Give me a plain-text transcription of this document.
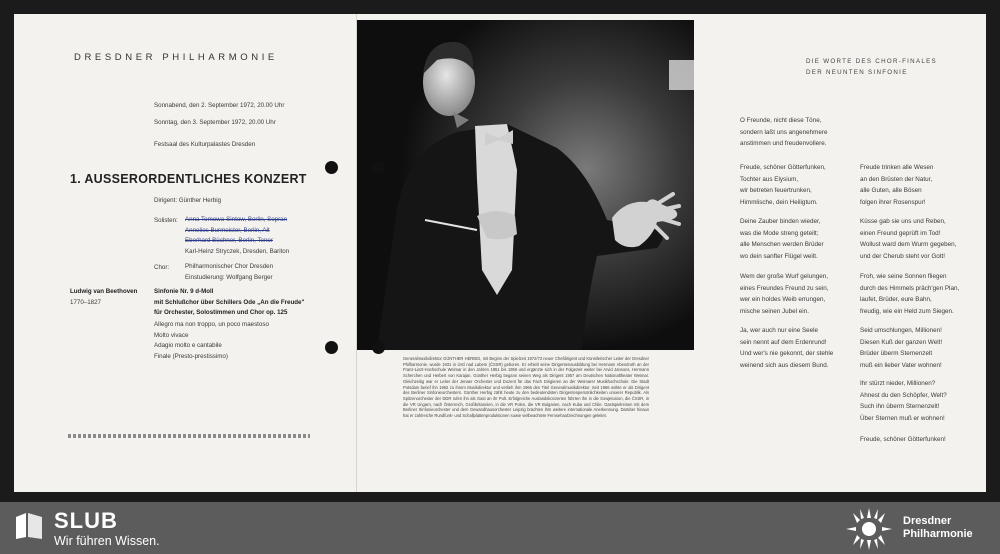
DRESDNER PHILHARMONIE
Sonnabend, den 2. September 1972, 20.00 Uhr
Sonntag, den 3. September 1972, 20.00 Uhr
Festsaal des Kulturpalastes Dresden
1. AUSSERORDENTLICHES KONZERT
Dirigent: Günther Herbig
Solisten: Anna Tomowa-Sintow, Berlin, Sopran
Annelies Burmeister, Berlin, Alt
Eberhard Büchner, Berlin, Tenor
Karl-Heinz Stryczek, Dresden, Bariton
Chor:	Philharmonischer Chor Dresden
Einstudierung: Wolfgang Berger
Ludwig van Beethoven
1770–1827
Sinfonie Nr. 9 d-Moll
mit Schlußchor über Schillers Ode „An die Freude"
für Orchester, Solostimmen und Chor op. 125
Allegro ma non troppo, un poco maestoso
Molto vivace
Adagio molto e cantabile
Finale (Presto-prestissimo)	Generalmusikdirektor GÜNTHER HERBIG, mit Beginn der Spielzeit 1972/73 neuer Chefdirigent und Künstlerischer Leiter der Dresdner Philharmonie, wurde 1931 in Ústí nad Labem (ČSSR) geboren. Er erhielt seine Dirigentenausbildung bei Hermann Abendroth an der Franz-Liszt-Hochschule Weimar in den Jahren 1951 bis 1956 und ergänzte sich in der Folgezeit weiter bei Arvid Jansons, Hermann Scherchen und Herbert von Karajan. Günther Herbig begann seinen Weg als Dirigent 1957 am Deutschen Nationaltheater Weimar. Gleichzeitig war er Leiter der Jenaer Orchester und Dozent für das Fach Dirigieren an der Weimarer Musikhochschule. Die Stadt Potsdam berief ihn 1962 zu ihrem Musikdirektor und verlieh ihm 1966 den Titel Generalmusikdirektor. Seit 1966 wirkte er als Dirigent des Berliner Sinfonieorchesters. Günther Herbig zählt heute zu den bedeutendsten Dirigentenpersönlichkeiten unserer Republik. Als Spitzenorchester der DDR rufen ihn als Gast an ihr Pult. Erfolgreiche Auslandskonzerten führten ihn in die Sowjetunion, die ČSSR, in die VR Ungarn, nach Österreich, Großbritannien, in die VR Polen, die VR Bulgarien, nach Kuba und Chile. Gastspielreisen mit dem Berliner Sinfonieorchester und dem Gewandhausorchester Leipzig brachten ihm weitere internationale Anerkennung. Darüber hinaus hat er zahlreiche Rundfunk- und Schallplattenproduktionen sowie vielbeachtete Fernsehaufzeichnungen geleitet.
DIE WORTE DES CHOR-FINALES
DER NEUNTEN SINFONIE
O Freunde, nicht diese Töne,
sondern laßt uns angenehmere
anstimmen und freudenvollere.
Freude, schöner Götterfunken,
Tochter aus Elysium,
wir betreten feuertrunken,
Himmlische, dein Heiligtum.
Deine Zauber binden wieder,
was die Mode streng geteilt;
alle Menschen werden Brüder
wo dein sanfter Flügel weilt.
Wem der große Wurf gelungen,
eines Freundes Freund zu sein,
wer ein holdes Weib errungen,
mische seinen Jubel ein.
Ja, wer auch nur eine Seele
sein nennt auf dem Erdenrund!
Und wer's nie gekonnt, der stehle
weinend sich aus diesem Bund.
Freude trinken alle Wesen
an den Brüsten der Natur,
alle Guten, alle Bösen
folgen ihrer Rosenspur!
Küsse gab sie uns und Reben,
einen Freund geprüft im Tod!
Wollust ward dem Wurm gegeben,
und der Cherub steht vor Gott!
Froh, wie seine Sonnen fliegen
durch des Himmels präch'gen Plan,
laufet, Brüder, eure Bahn,
freudig, wie ein Held zum Siegen.
Seid umschlungen, Millionen!
Diesen Kuß der ganzen Welt!
Brüder überm Sternenzelt
muß ein lieber Vater wohnen!
Ihr stürzt nieder, Millionen?
Ahnest du den Schöpfer, Welt?
Such ihn überm Sternenzelt!
Über Sternen muß er wohnen!
Freude, schöner Götterfunken!
SLUB
Wir führen Wissen.
Dresdner
Philharmonie
